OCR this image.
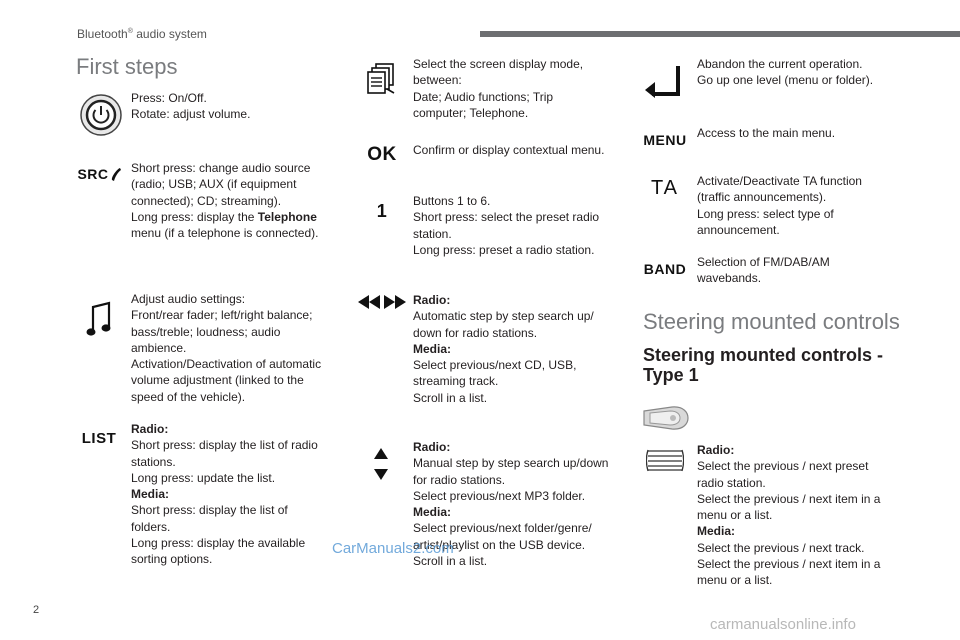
Bluetooth® audio system
First steps
Press: On/Off.
Rotate: adjust volume.
SRC Short press: change audio source
(radio; USB; AUX (if equipment
connected); CD; streaming).
Long press: display the Telephone
menu (if a telephone is connected).
Adjust audio settings:
Front/rear fader; left/right balance;
bass/treble; loudness; audio
ambience.
Activation/Deactivation of automatic
volume adjustment (linked to the
speed of the vehicle).
LIST
Radio:
Short press: display the list of radio
stations.
Long press: update the list.
Media:
Short press: display the list of
folders.
Long press: display the available
sorting options.
Select the screen display mode,
between:
Date; Audio functions; Trip
computer; Telephone.
OK Confirm or display contextual menu.
1 Buttons 1 to 6.
Short press: select the preset radio
station.
Long press: preset a radio station.
Radio:
Automatic step by step search up/
down for radio stations.
Media:
Select previous/next CD, USB,
streaming track.
Scroll in a list.
Radio:
Manual step by step search up/down
for radio stations.
Select previous/next MP3 folder.
Media:
Select previous/next folder/genre/
artist/playlist on the USB device.
Scroll in a list.
Abandon the current operation.
Go up one level (menu or folder).
MENU Access to the main menu.
TA Activate/Deactivate TA function
(traffic announcements).
Long press: select type of
announcement.
BAND Selection of FM/DAB/AM
wavebands.
Steering mounted controls
Steering mounted controls -
Type 1
Radio:
Select the previous / next preset
radio station.
Select the previous / next item in a
menu or a list.
Media:
Select the previous / next track.
Select the previous / next item in a
menu or a list.
2
CarManuals2.com
carmanualsonline.info
